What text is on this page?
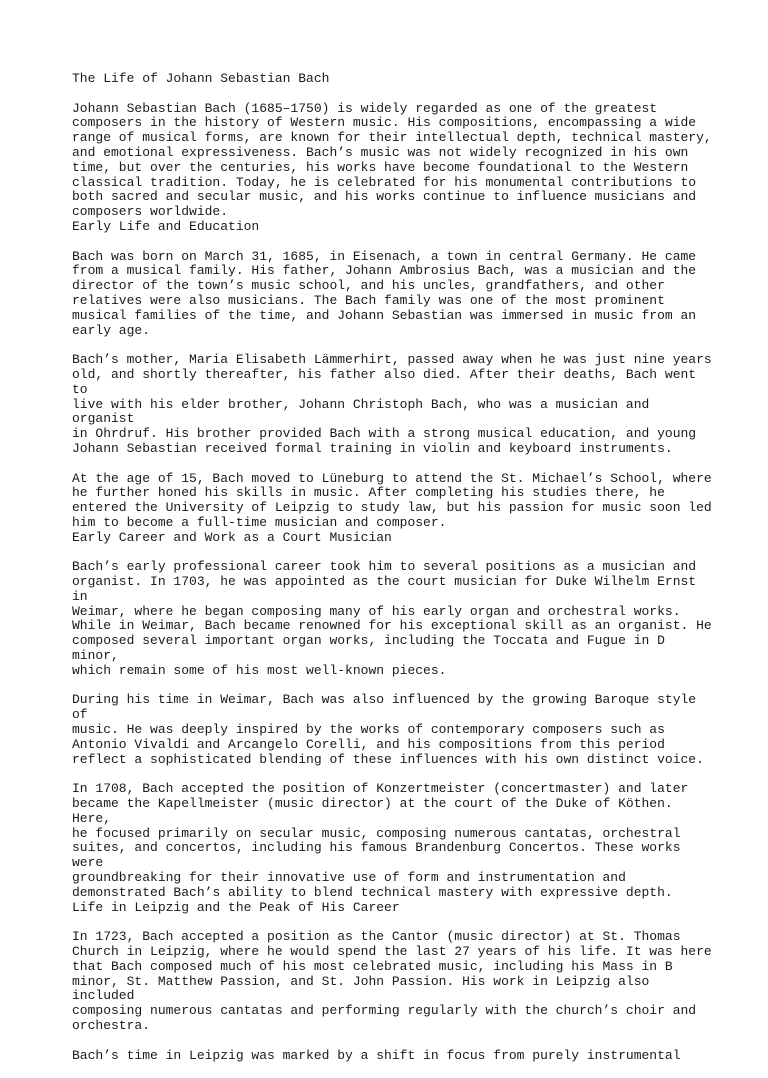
The Life of Johann Sebastian Bach

Johann Sebastian Bach (1685–1750) is widely regarded as one of the greatest
composers in the history of Western music. His compositions, encompassing a wide
range of musical forms, are known for their intellectual depth, technical mastery,
and emotional expressiveness. Bach’s music was not widely recognized in his own
time, but over the centuries, his works have become foundational to the Western
classical tradition. Today, he is celebrated for his monumental contributions to
both sacred and secular music, and his works continue to influence musicians and
composers worldwide.

Early Life and Education

Bach was born on March 31, 1685, in Eisenach, a town in central Germany. He came
from a musical family. His father, Johann Ambrosius Bach, was a musician and the
director of the town’s music school, and his uncles, grandfathers, and other
relatives were also musicians. The Bach family was one of the most prominent
musical families of the time, and Johann Sebastian was immersed in music from an
early age.

Bach’s mother, Maria Elisabeth Lämmerhirt, passed away when he was just nine years
old, and shortly thereafter, his father also died. After their deaths, Bach went to
live with his elder brother, Johann Christoph Bach, who was a musician and organist
in Ohrdruf. His brother provided Bach with a strong musical education, and young
Johann Sebastian received formal training in violin and keyboard instruments.

At the age of 15, Bach moved to Lüneburg to attend the St. Michael’s School, where
he further honed his skills in music. After completing his studies there, he
entered the University of Leipzig to study law, but his passion for music soon led
him to become a full-time musician and composer.

Early Career and Work as a Court Musician

Bach’s early professional career took him to several positions as a musician and
organist. In 1703, he was appointed as the court musician for Duke Wilhelm Ernst in
Weimar, where he began composing many of his early organ and orchestral works.
While in Weimar, Bach became renowned for his exceptional skill as an organist. He
composed several important organ works, including the Toccata and Fugue in D minor,
which remain some of his most well-known pieces.

During his time in Weimar, Bach was also influenced by the growing Baroque style of
music. He was deeply inspired by the works of contemporary composers such as
Antonio Vivaldi and Arcangelo Corelli, and his compositions from this period
reflect a sophisticated blending of these influences with his own distinct voice.

In 1708, Bach accepted the position of Konzertmeister (concertmaster) and later
became the Kapellmeister (music director) at the court of the Duke of Köthen. Here,
he focused primarily on secular music, composing numerous cantatas, orchestral
suites, and concertos, including his famous Brandenburg Concertos. These works were
groundbreaking for their innovative use of form and instrumentation and
demonstrated Bach’s ability to blend technical mastery with expressive depth.

Life in Leipzig and the Peak of His Career

In 1723, Bach accepted a position as the Cantor (music director) at St. Thomas
Church in Leipzig, where he would spend the last 27 years of his life. It was here
that Bach composed much of his most celebrated music, including his Mass in B
minor, St. Matthew Passion, and St. John Passion. His work in Leipzig also included
composing numerous cantatas and performing regularly with the church’s choir and
orchestra.

Bach’s time in Leipzig was marked by a shift in focus from purely instrumental
